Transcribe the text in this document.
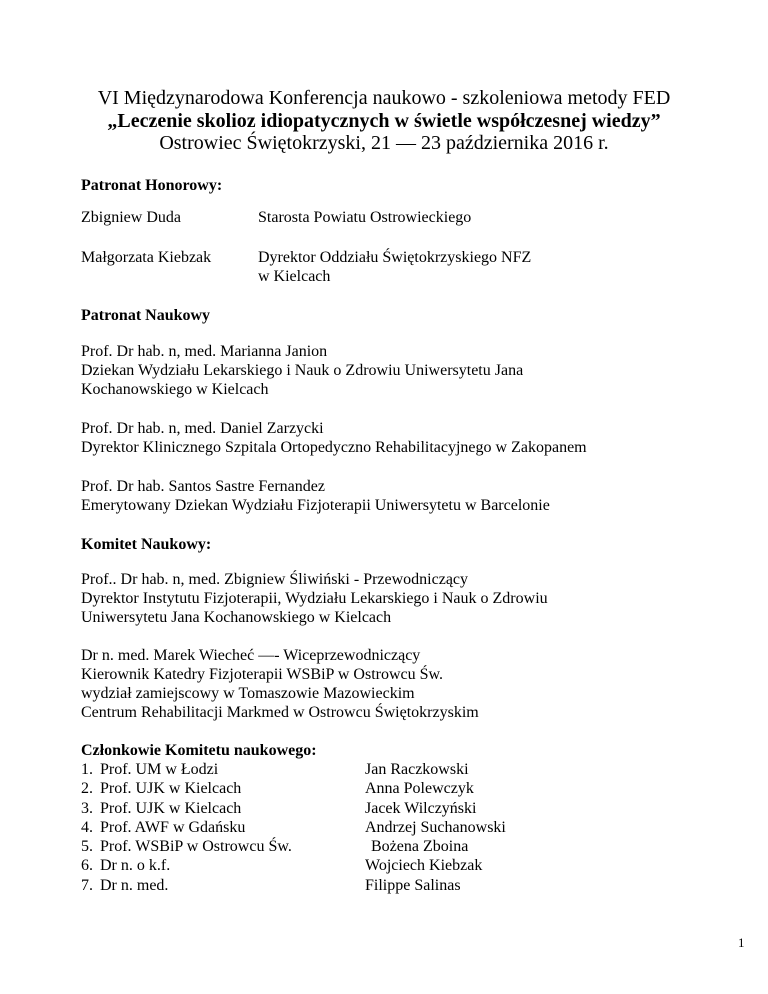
VI Międzynarodowa Konferencja naukowo - szkoleniowa metody FED
„Leczenie skolioz idiopatycznych w świetle współczesnej wiedzy”
Ostrowiec Świętokrzyski, 21 — 23 października 2016 r.
Patronat Honorowy:
Zbigniew Duda	Starosta Powiatu Ostrowieckiego
Małgorzata Kiebzak	Dyrektor Oddziału Świętokrzyskiego NFZ
w Kielcach
Patronat Naukowy
Prof. Dr hab. n, med. Marianna Janion
Dziekan Wydziału Lekarskiego i Nauk o Zdrowiu Uniwersytetu Jana
Kochanowskiego w Kielcach
Prof. Dr hab. n, med. Daniel Zarzycki
Dyrektor Klinicznego Szpitala Ortopedyczno Rehabilitacyjnego w Zakopanem
Prof. Dr hab. Santos Sastre Fernandez
Emerytowany Dziekan Wydziału Fizjoterapii Uniwersytetu w Barcelonie
Komitet Naukowy:
Prof.. Dr hab. n, med. Zbigniew Śliwiński - Przewodniczący
Dyrektor Instytutu Fizjoterapii, Wydziału Lekarskiego i Nauk o Zdrowiu
Uniwersytetu Jana Kochanowskiego w Kielcach
Dr n. med. Marek Wiecheć —- Wiceprzewodniczący
Kierownik Katedry Fizjoterapii WSBiP w Ostrowcu Św.
wydział zamiejscowy w Tomaszowie Mazowieckim
Centrum Rehabilitacji Markmed w Ostrowcu Świętokrzyskim
Członkowie Komitetu naukowego:
1. Prof. UM w Łodzi	Jan Raczkowski
2. Prof. UJK w Kielcach	Anna Polewczyk
3. Prof. UJK w Kielcach	Jacek Wilczyński
4. Prof. AWF w Gdańsku	Andrzej Suchanowski
5. Prof. WSBiP w Ostrowcu Św.	Bożena Zboina
6. Dr n. o k.f.	Wojciech Kiebzak
7. Dr n. med.	Filippe Salinas
1
